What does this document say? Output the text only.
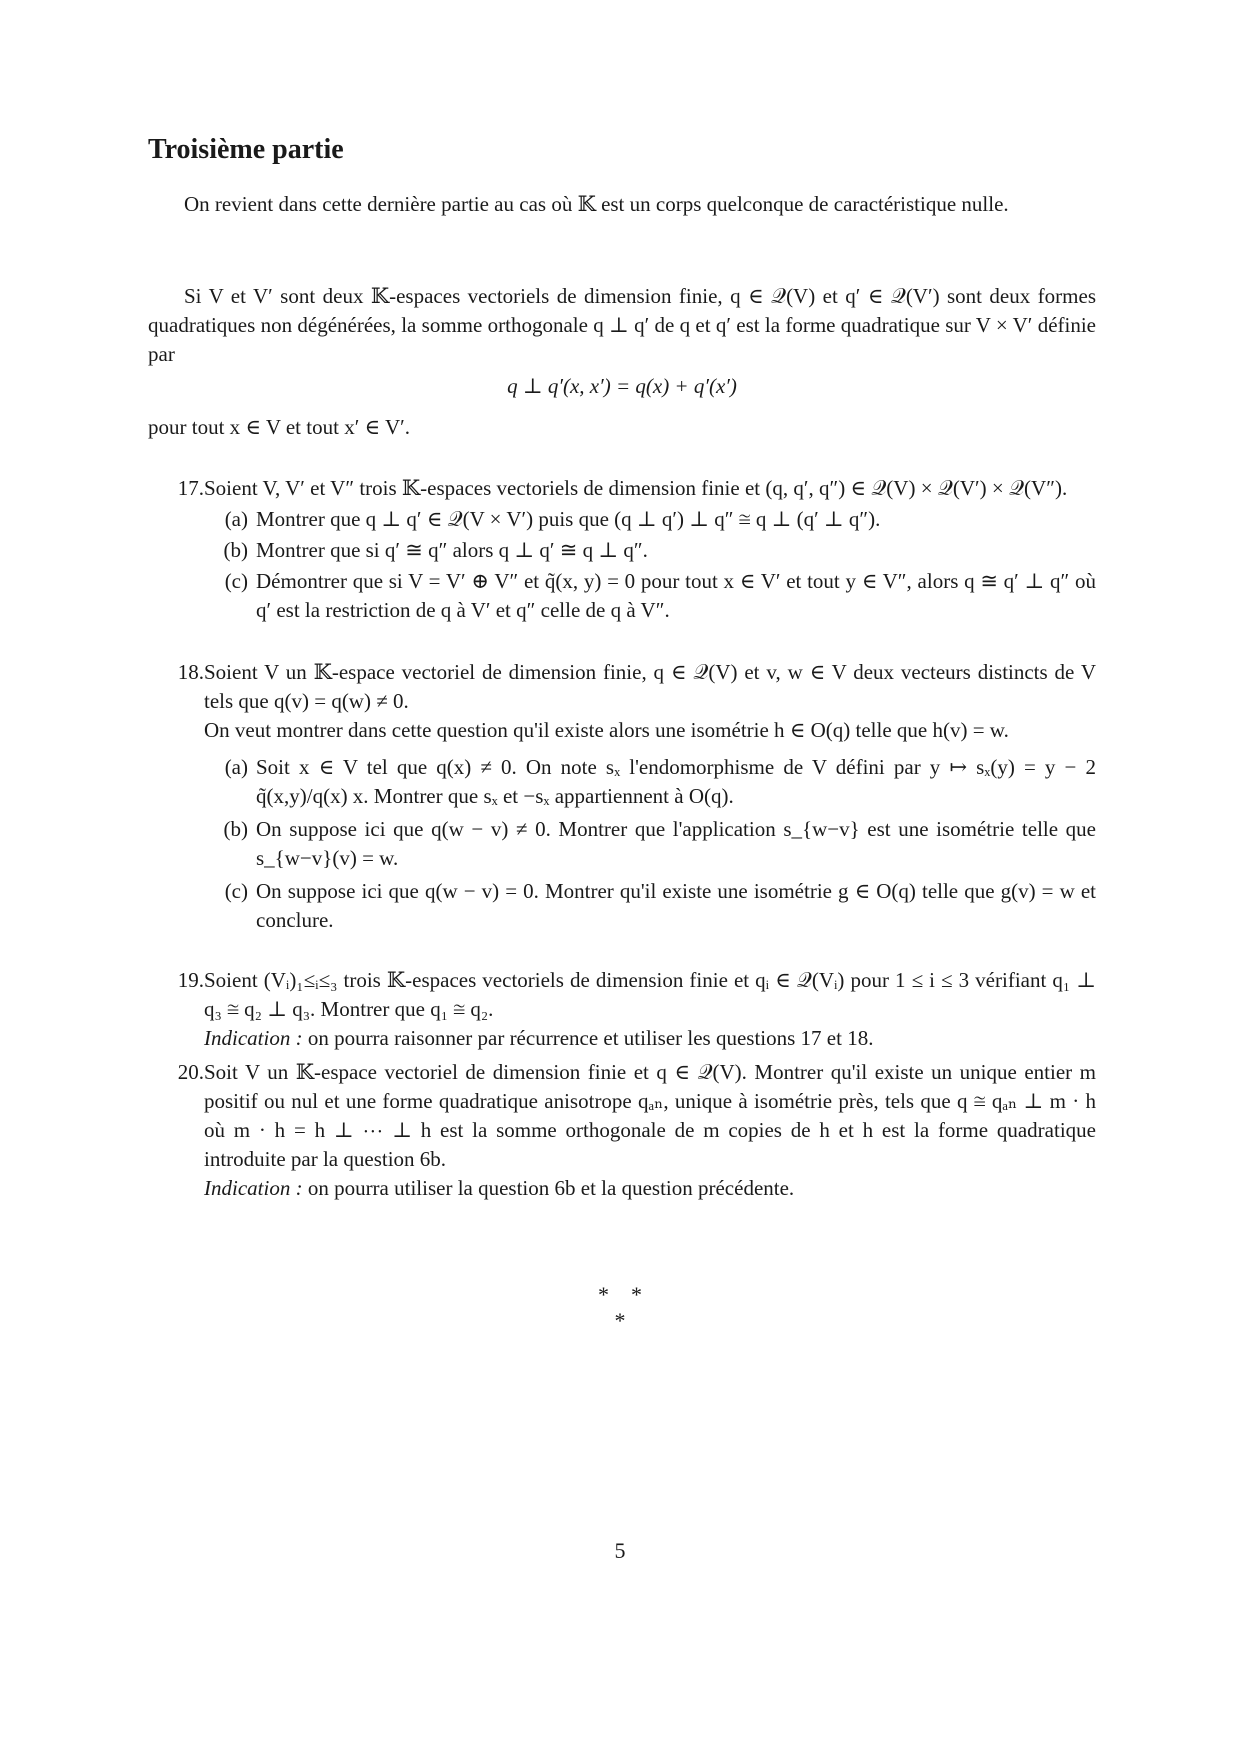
Troisième partie
On revient dans cette dernière partie au cas où 𝕂 est un corps quelconque de caractéristique nulle.
Si V et V′ sont deux 𝕂-espaces vectoriels de dimension finie, q ∈ 𝒬(V) et q′ ∈ 𝒬(V′) sont deux formes quadratiques non dégénérées, la somme orthogonale q ⊥ q′ de q et q′ est la forme quadratique sur V × V′ définie par
q ⊥ q′(x, x′) = q(x) + q′(x′)
pour tout x ∈ V et tout x′ ∈ V′.
17. Soient V, V′ et V″ trois 𝕂-espaces vectoriels de dimension finie et (q, q′, q″) ∈ 𝒬(V) × 𝒬(V′) × 𝒬(V″).
(a) Montrer que q ⊥ q′ ∈ 𝒬(V × V′) puis que (q ⊥ q′) ⊥ q″ ≅ q ⊥ (q′ ⊥ q″).
(b) Montrer que si q′ ≅ q″ alors q ⊥ q′ ≅ q ⊥ q″.
(c) Démontrer que si V = V′ ⊕ V″ et q̃(x, y) = 0 pour tout x ∈ V′ et tout y ∈ V″, alors q ≅ q′ ⊥ q″ où q′ est la restriction de q à V′ et q″ celle de q à V″.
18. Soient V un 𝕂-espace vectoriel de dimension finie, q ∈ 𝒬(V) et v, w ∈ V deux vecteurs distincts de V tels que q(v) = q(w) ≠ 0.
On veut montrer dans cette question qu'il existe alors une isométrie h ∈ O(q) telle que h(v) = w.
(a) Soit x ∈ V tel que q(x) ≠ 0. On note sₓ l'endomorphisme de V défini par y ↦ sₓ(y) = y − 2 q̃(x,y)/q(x) x. Montrer que sₓ et −sₓ appartiennent à O(q).
(b) On suppose ici que q(w − v) ≠ 0. Montrer que l'application s_{w−v} est une isométrie telle que s_{w−v}(v) = w.
(c) On suppose ici que q(w − v) = 0. Montrer qu'il existe une isométrie g ∈ O(q) telle que g(v) = w et conclure.
19. Soient (Vᵢ)₁≤ᵢ≤₃ trois 𝕂-espaces vectoriels de dimension finie et qᵢ ∈ 𝒬(Vᵢ) pour 1 ≤ i ≤ 3 vérifiant q₁ ⊥ q₃ ≅ q₂ ⊥ q₃. Montrer que q₁ ≅ q₂.
Indication : on pourra raisonner par récurrence et utiliser les questions 17 et 18.
20. Soit V un 𝕂-espace vectoriel de dimension finie et q ∈ 𝒬(V). Montrer qu'il existe un unique entier m positif ou nul et une forme quadratique anisotrope qₐₙ, unique à isométrie près, tels que q ≅ qₐₙ ⊥ m · h où m · h = h ⊥ ⋯ ⊥ h est la somme orthogonale de m copies de h et h est la forme quadratique introduite par la question 6b.
Indication : on pourra utiliser la question 6b et la question précédente.
*    *
*
5
